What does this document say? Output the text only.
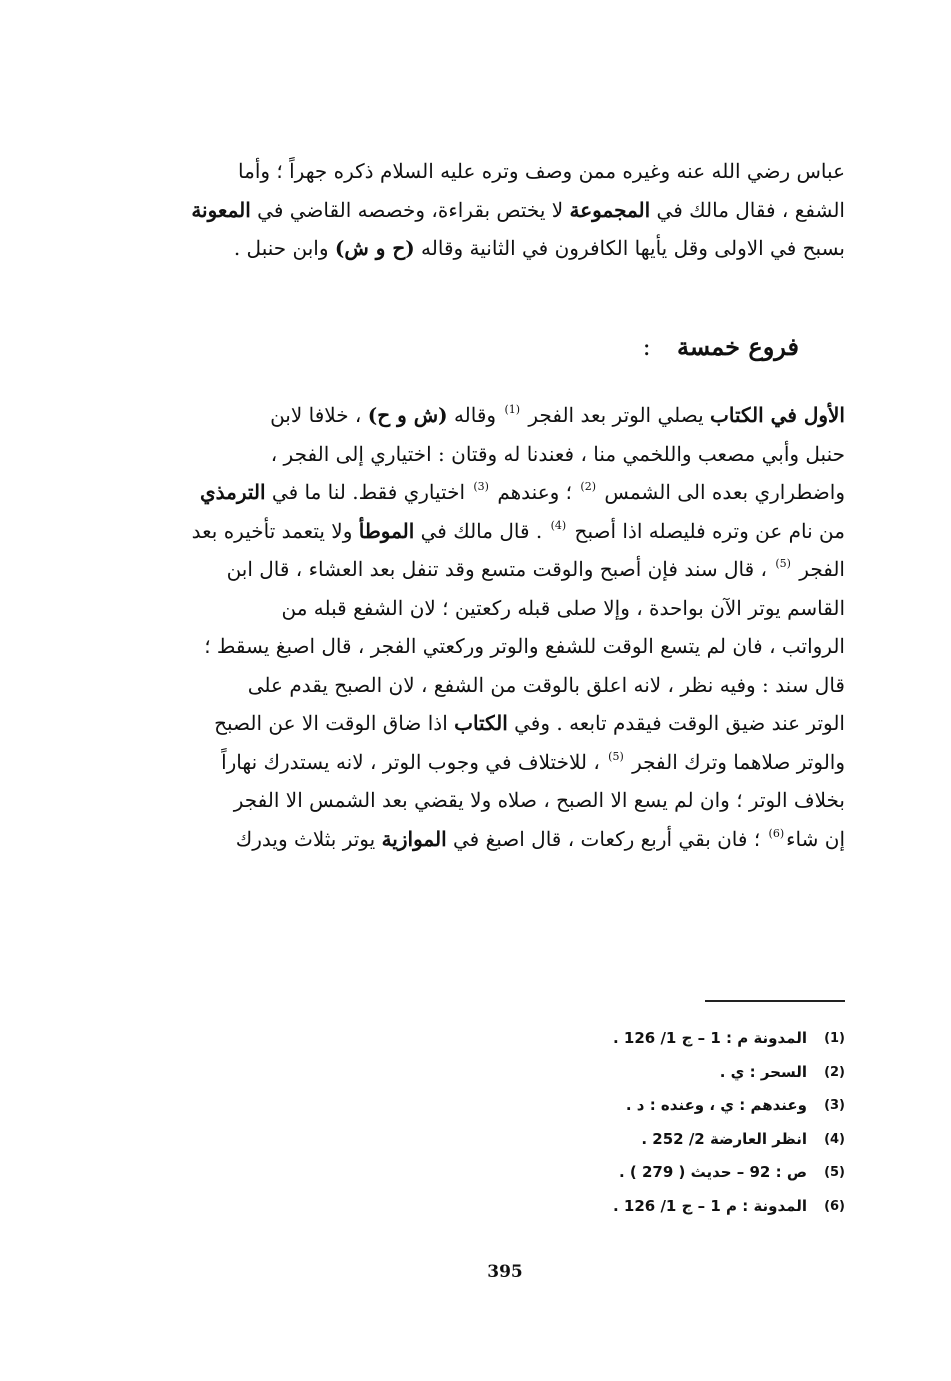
عباس رضي الله عنه وغيره ممن وصف وتره عليه السلام ذكره جهراً ؛ وأما
الشفع ، فقال مالك في المجموعة لا يختص بقراءة، وخصصه القاضي في المعونة
بسبح في الاولى وقل يأيها الكافرون في الثانية وقاله (ح و ش) وابن حنبل .
فروع خمسة :
الأول في الكتاب يصلي الوتر بعد الفجر $^{(1)}$ وقاله (ش و ح) ، خلافا لابن
حنبل وأبي مصعب واللخمي منا ، فعندنا له وقتان : اختياري إلى الفجر ،
واضطراري بعده الى الشمس $^{(2)}$ ؛ وعندهم $^{(3)}$ اختياري فقط. لنا ما في الترمذي
من نام عن وتره فليصله اذا أصبح $^{(4)}$ . قال مالك في الموطأ ولا يتعمد تأخيره بعد
الفجر $^{(5)}$ ، قال سند فإن أصبح والوقت متسع وقد تنفل بعد العشاء ، قال ابن
القاسم يوتر الآن بواحدة ، وإلا صلى قبله ركعتين ؛ لان الشفع قبله من
الرواتب ، فان لم يتسع الوقت للشفع والوتر وركعتي الفجر ، قال اصبغ يسقط ؛
قال سند : وفيه نظر ، لانه اعلق بالوقت من الشفع ، لان الصبح يقدم على
الوتر عند ضيق الوقت فيقدم تابعه . وفي الكتاب اذا ضاق الوقت الا عن الصبح
والوتر صلاهما وترك الفجر $^{(5)}$ ، للاختلاف في وجوب الوتر ، لانه يستدرك نهاراً
بخلاف الوتر ؛ وان لم يسع الا الصبح ، صلاه ولا يقضي بعد الشمس الا الفجر
إن شاء$^{(6)}$ ؛ فان بقي أربع ركعات ، قال اصبغ في الموازية يوتر بثلاث ويدرك
(1)
المدونة م : 1 – ج 1/ 126 .
(2)
السحر : ي .
(3)
وعندهم : ي ، وعنده : د .
(4)
انظر العارضة 2/ 252 .
(5)
ص : 92 – حديث ( 279 ) .
(6)
المدونة : م 1 – ج 1/ 126 .
395
